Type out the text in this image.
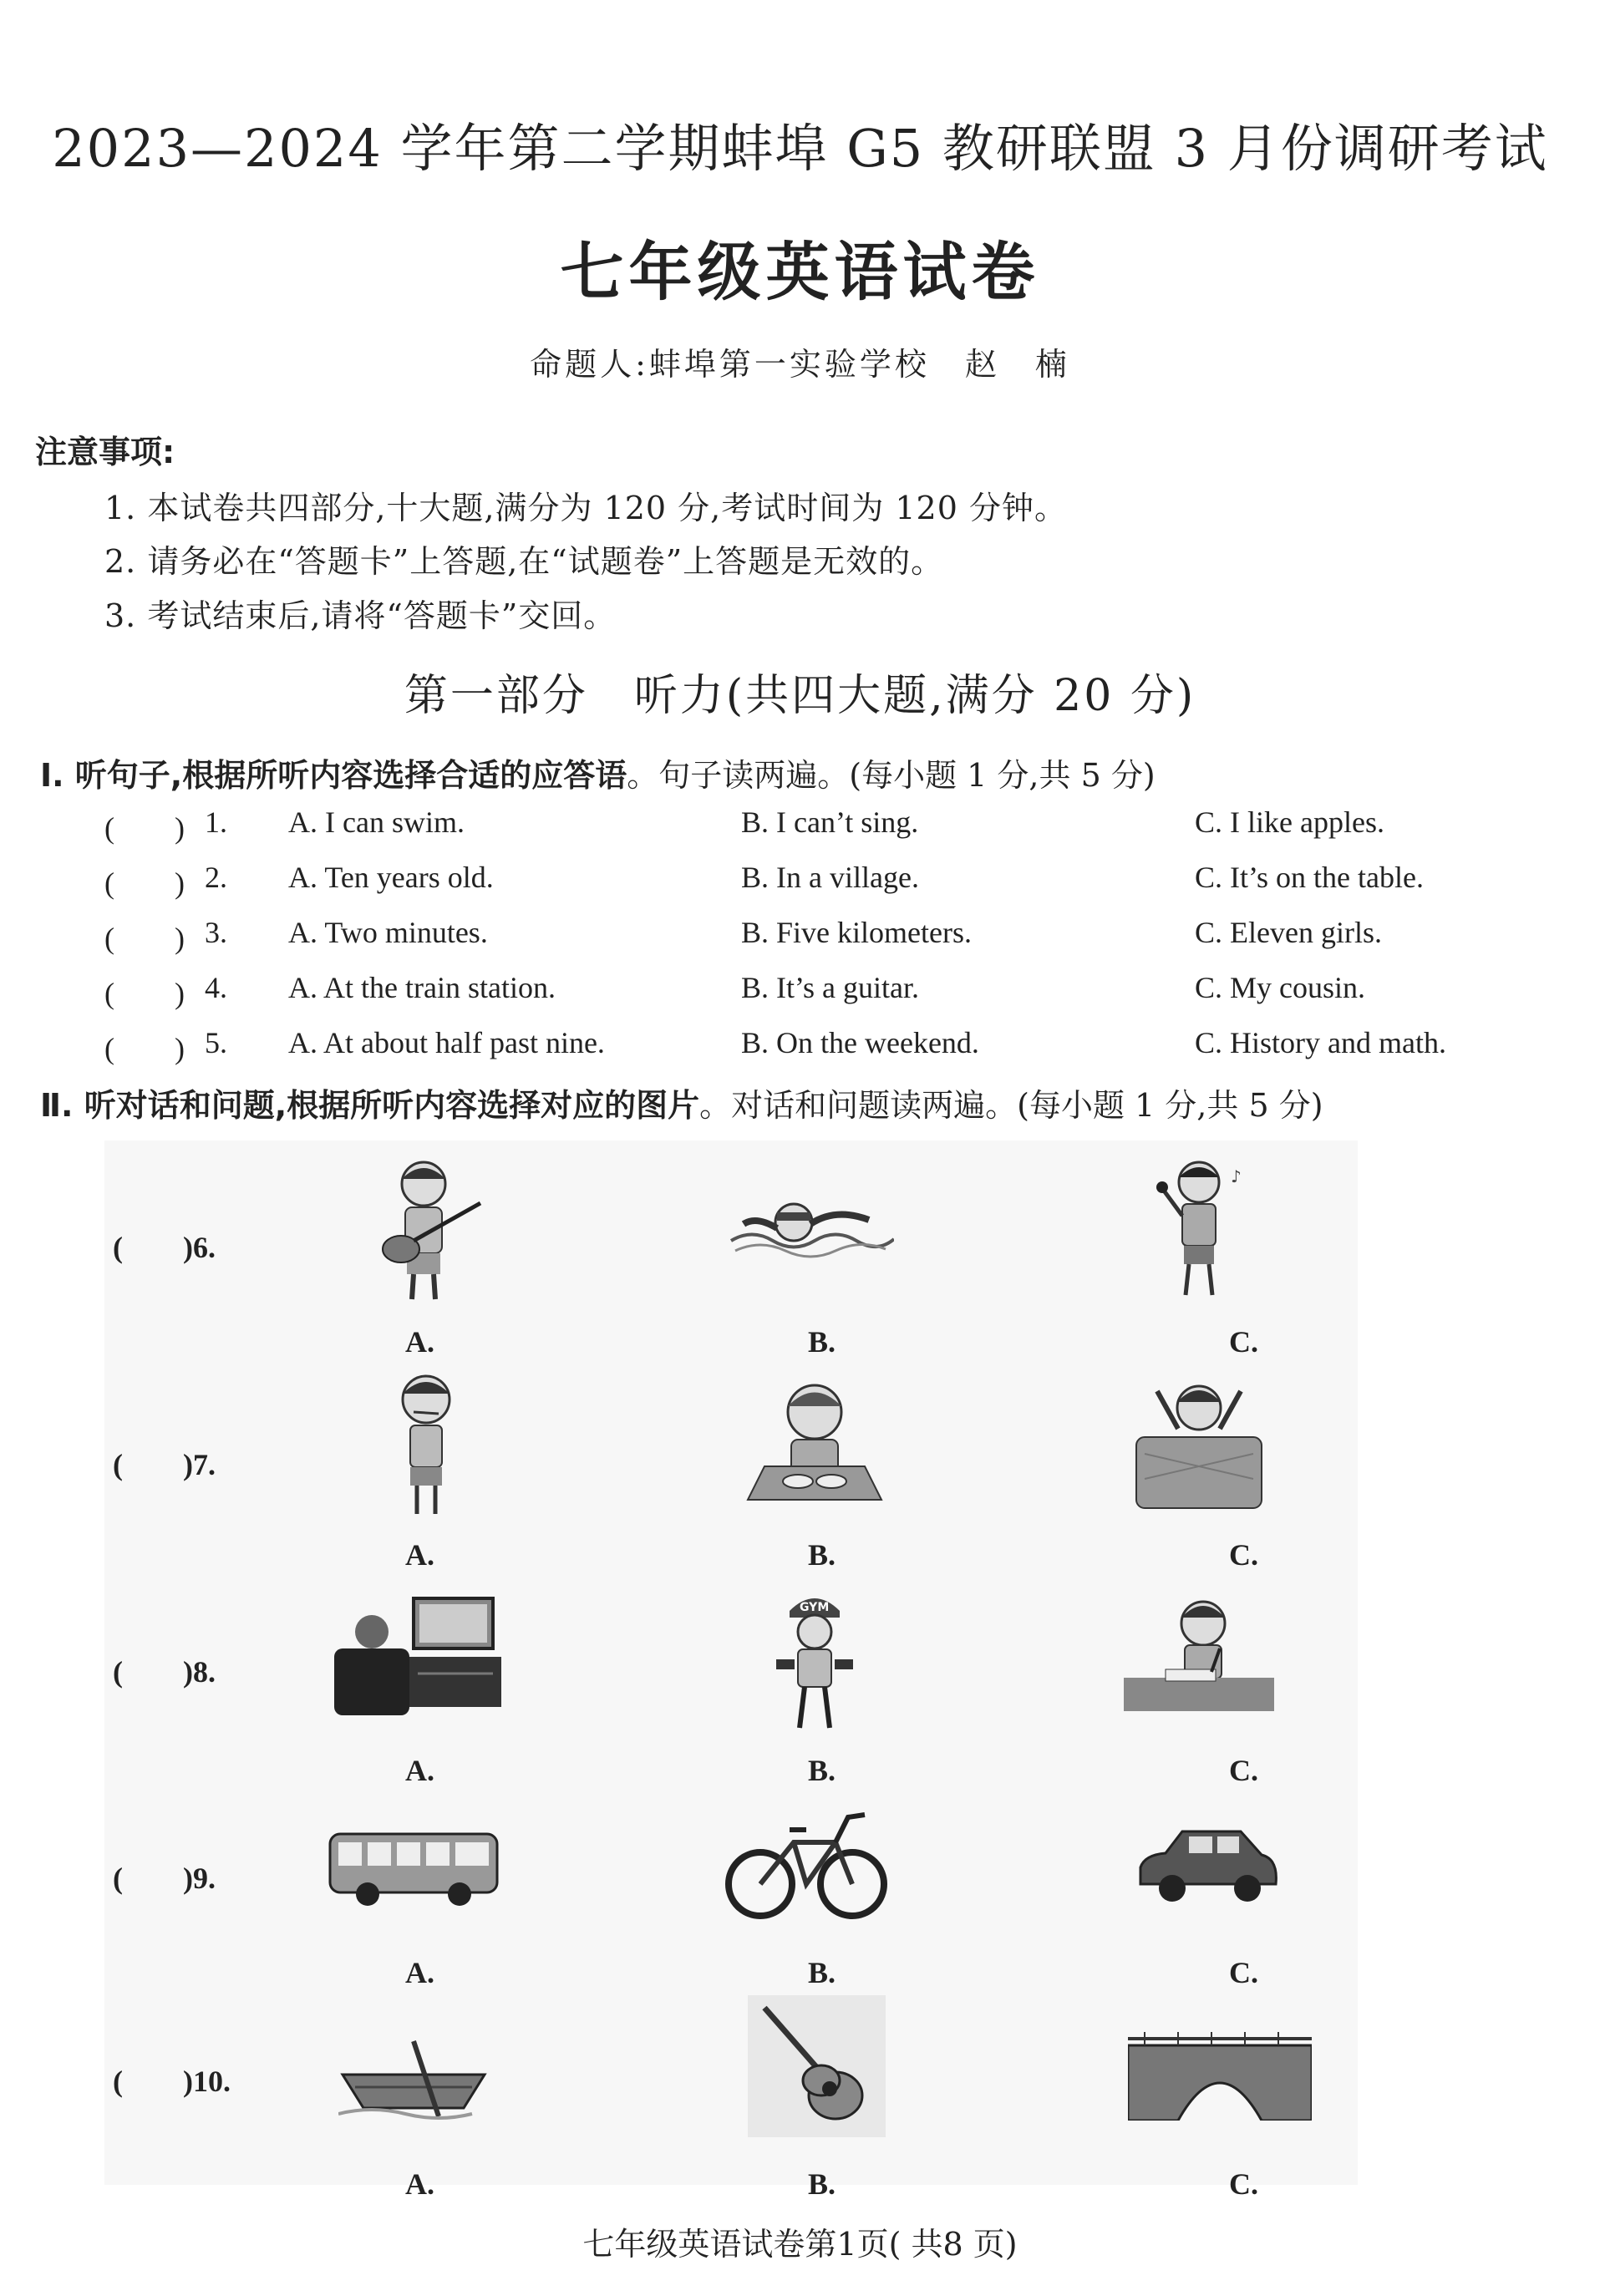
2023—2024 学年第二学期蚌埠 G5 教研联盟 3 月份调研考试
七年级英语试卷
命题人:蚌埠第一实验学校　赵　楠
注意事项:
1. 本试卷共四部分,十大题,满分为 120 分,考试时间为 120 分钟。
2. 请务必在“答题卡”上答题,在“试题卷”上答题是无效的。
3. 考试结束后,请将“答题卡”交回。
第一部分　听力(共四大题,满分 20 分)
Ⅰ. 听句子,根据所听内容选择合适的应答语。句子读两遍。(每小题 1 分,共 5 分)
(　　) 1. A. I can swim.	B. I can’t sing.	C. I like apples.
(　　) 2. A. Ten years old.	B. In a village.	C. It’s on the table.
(　　) 3. A. Two minutes.	B. Five kilometers.	C. Eleven girls.
(　　) 4. A. At the train station.	B. It’s a guitar.	C. My cousin.
(　　) 5. A. At about half past nine.	B. On the weekend.	C. History and math.
Ⅱ. 听对话和问题,根据所听内容选择对应的图片。对话和问题读两遍。(每小题 1 分,共 5 分)
(　　)6.
♪
A.	B.	C.
(　　)7.
A.	B.	C.
(　　)8.
GYM
A.	B.	C.
(　　)9.
A.	B.	C.
(　　)10.
A.	B.	C.
七年级英语试卷第1页( 共8 页)
